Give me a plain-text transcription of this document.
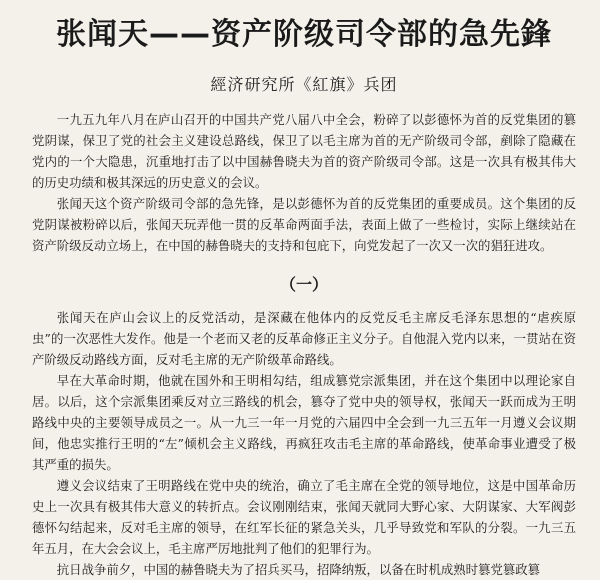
张闻天——资产阶级司令部的急先鋒
經济研究所《紅旗》兵团

一九五九年八月在庐山召开的中国共产党八届八中全会，粉碎了以彭德怀为首的反党集团的篡党阴谋，保卫了党的社会主义建设总路线，保卫了以毛主席为首的无产阶级司令部，剷除了隐藏在党内的一个大隐患，沉重地打击了以中国赫鲁晓夫为首的资产阶级司令部。这是一次具有极其伟大的历史功绩和极其深远的历史意义的会议。

张闻天这个资产阶级司令部的急先锋，是以彭德怀为首的反党集团的重要成员。这个集团的反党阴谋被粉碎以后，张闻天玩弄他一贯的反革命两面手法，表面上做了一些检讨，实际上继续站在资产阶级反动立场上，在中国的赫鲁晓夫的支持和包庇下，向党发起了一次又一次的猖狂进攻。

（一）

张闻天在庐山会议上的反党活动，是深藏在他体内的反党反毛主席反毛泽东思想的“虐疾原虫”的一次恶性大发作。他是一个老而又老的反革命修正主义分子。自他混入党内以来，一贯站在资产阶级反动路线方面，反对毛主席的无产阶级革命路线。

早在大革命时期，他就在国外和王明相勾结，组成篡党宗派集团，并在这个集团中以理论家自居。以后，这个宗派集团乘反对立三路线的机会，篡夺了党中央的领导权，张闻天一跃而成为王明路线中央的主要领导成员之一。从一九三一年一月党的六届四中全会到一九三五年一月遵义会议期间，他忠实推行王明的“左”倾机会主义路线，再疯狂攻击毛主席的革命路线，使革命事业遭受了极其严重的损失。

遵义会议结束了王明路线在党中央的统治，确立了毛主席在全党的领导地位，这是中国革命历史上一次具有极其伟大意义的转折点。会议刚刚结束，张闻天就同大野心家、大阴谋家、大军阀彭德怀勾结起来，反对毛主席的领导，在红军长征的紧急关头，几乎导致党和军队的分裂。一九三五年五月，在大会会议上，毛主席严厉地批判了他们的犯罪行为。

抗日战争前夕，中国的赫鲁晓夫为了招兵买马，招降纳叛，以备在时机成熟时篡党篡政篡
